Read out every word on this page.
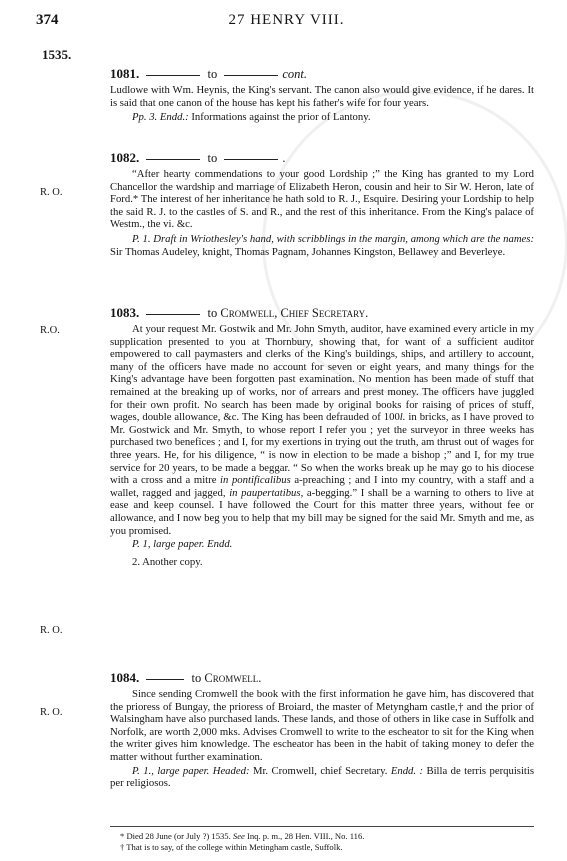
374	27 HENRY VIII.
1535.
1081.	to	cont.
Ludlowe with Wm. Heynis, the King's servant. The canon also would give evidence, if he dares. It is said that one canon of the house has kept his father's wife for four years.
Pp. 3. Endd.: Informations against the prior of Lantony.
R. O.
1082.	to	.
“After hearty commendations to your good Lordship ;” the King has granted to my Lord Chancellor the wardship and marriage of Elizabeth Heron, cousin and heir to Sir W. Heron, late of Ford.* The interest of her inheritance he hath sold to R. J., Esquire. Desiring your Lordship to help the said R. J. to the castles of S. and R., and the rest of this inheritance. From the King's palace of Westm., the vi. &c.
P. 1. Draft in Wriothesley's hand, with scribblings in the margin, among which are the names: Sir Thomas Audeley, knight, Thomas Pagnam, Johannes Kingston, Bellawey and Beverleye.
R.O.
R. O.
1083.	to Cromwell, Chief Secretary.
At your request Mr. Gostwik and Mr. John Smyth, auditor, have examined every article in my supplication presented to you at Thornbury, showing that, for want of a sufficient auditor empowered to call paymasters and clerks of the King's buildings, ships, and artillery to account, many of the officers have made no account for seven or eight years, and many things for the King's advantage have been forgotten past examination. No mention has been made of stuff that remained at the breaking up of works, nor of arrears and prest money. The officers have juggled for their own profit. No search has been made by original books for raising of prices of stuff, wages, double allowance, &c. The King has been defrauded of 100l. in bricks, as I have proved to Mr. Gostwick and Mr. Smyth, to whose report I refer you ; yet the surveyor in three weeks has purchased two benefices ; and I, for my exertions in trying out the truth, am thrust out of wages for three years. He, for his diligence, “ is now in election to be made a bishop ;” and I, for my true service for 20 years, to be made a beggar. “ So when the works break up he may go to his diocese with a cross and a mitre in pontificalibus a-preaching ; and I into my country, with a staff and a wallet, ragged and jagged, in paupertatibus, a-begging.” I shall be a warning to others to live at ease and keep counsel. I have followed the Court for this matter three years, without fee or allowance, and I now beg you to help that my bill may be signed for the said Mr. Smyth and me, as you promised.
P. 1, large paper. Endd.
2. Another copy.
R. O.
1084.	to Cromwell.
Since sending Cromwell the book with the first information he gave him, has discovered that the prioress of Bungay, the prioress of Broiard, the master of Metyngham castle,† and the prior of Walsingham have also purchased lands. These lands, and those of others in like case in Suffolk and Norfolk, are worth 2,000 mks. Advises Cromwell to write to the escheator to sit for the King when the writer gives him knowledge. The escheator has been in the habit of taking money to defer the matter without further examination.
P. 1., large paper. Headed: Mr. Cromwell, chief Secretary. Endd. : Billa de terris perquisitis per religiosos.
* Died 28 June (or July ?) 1535. See Inq. p. m., 28 Hen. VIII., No. 116.
† That is to say, of the college within Metingham castle, Suffolk.
